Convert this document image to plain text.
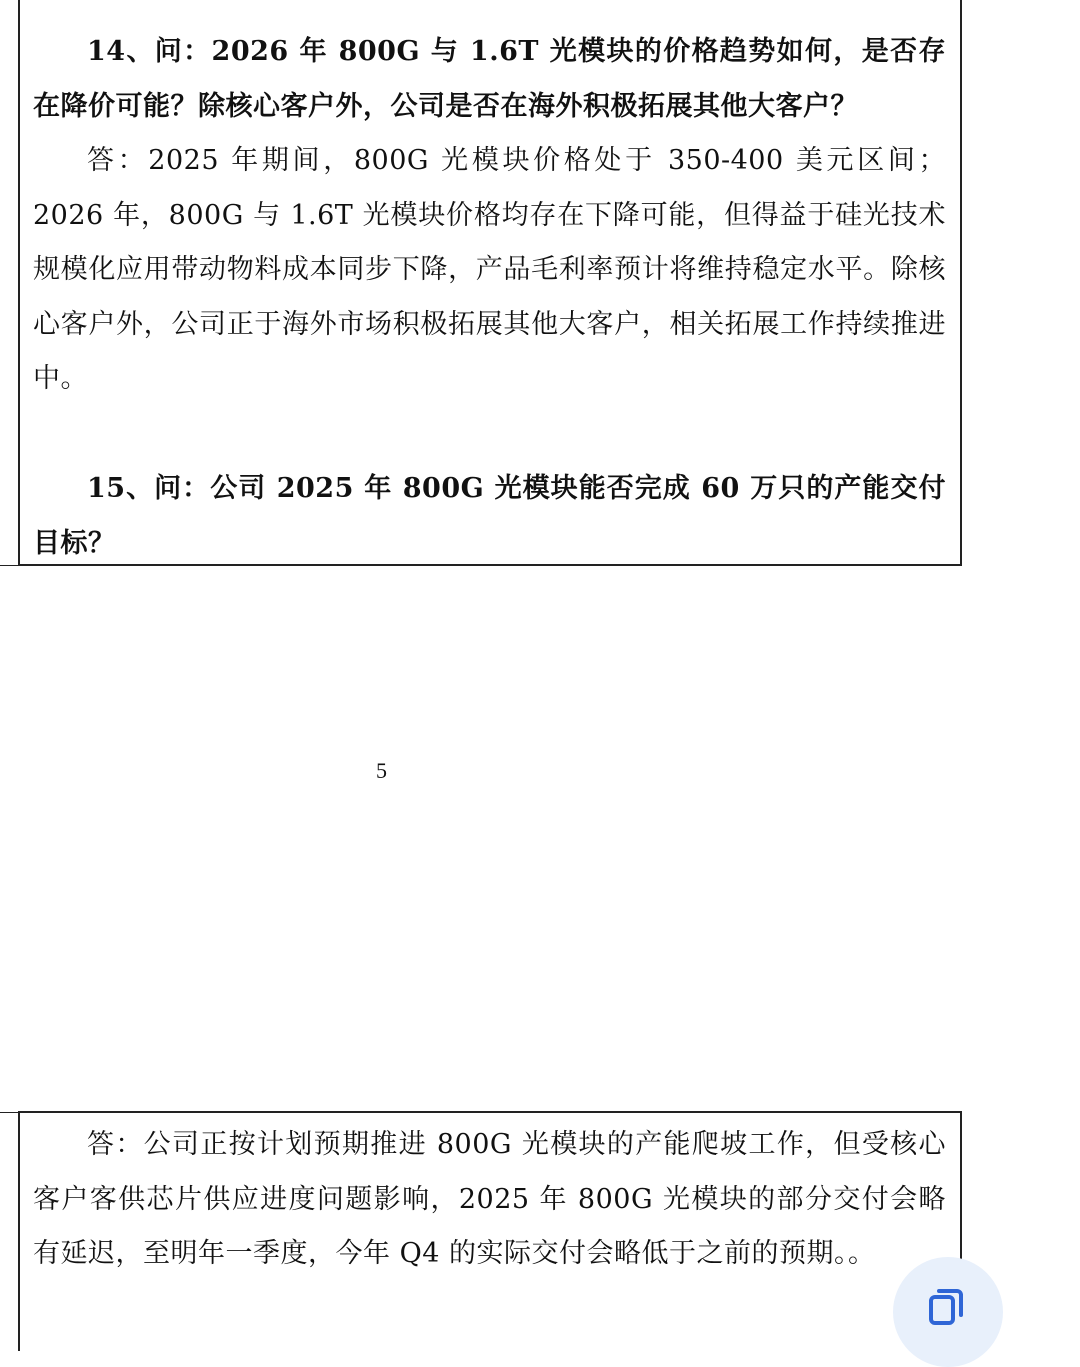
14、问：2026 年 800G 与 1.6T 光模块的价格趋势如何，是否存在降价可能？除核心客户外，公司是否在海外积极拓展其他大客户？

答：2025 年期间，800G 光模块价格处于 350-400 美元区间；2026 年，800G 与 1.6T 光模块价格均存在下降可能，但得益于硅光技术规模化应用带动物料成本同步下降，产品毛利率预计将维持稳定水平。除核心客户外，公司正于海外市场积极拓展其他大客户，相关拓展工作持续推进中。

15、问：公司 2025 年 800G 光模块能否完成 60 万只的产能交付目标？

5

答：公司正按计划预期推进 800G 光模块的产能爬坡工作，但受核心客户客供芯片供应进度问题影响，2025 年 800G 光模块的部分交付会略有延迟，至明年一季度，今年 Q4 的实际交付会略低于之前的预期。。
